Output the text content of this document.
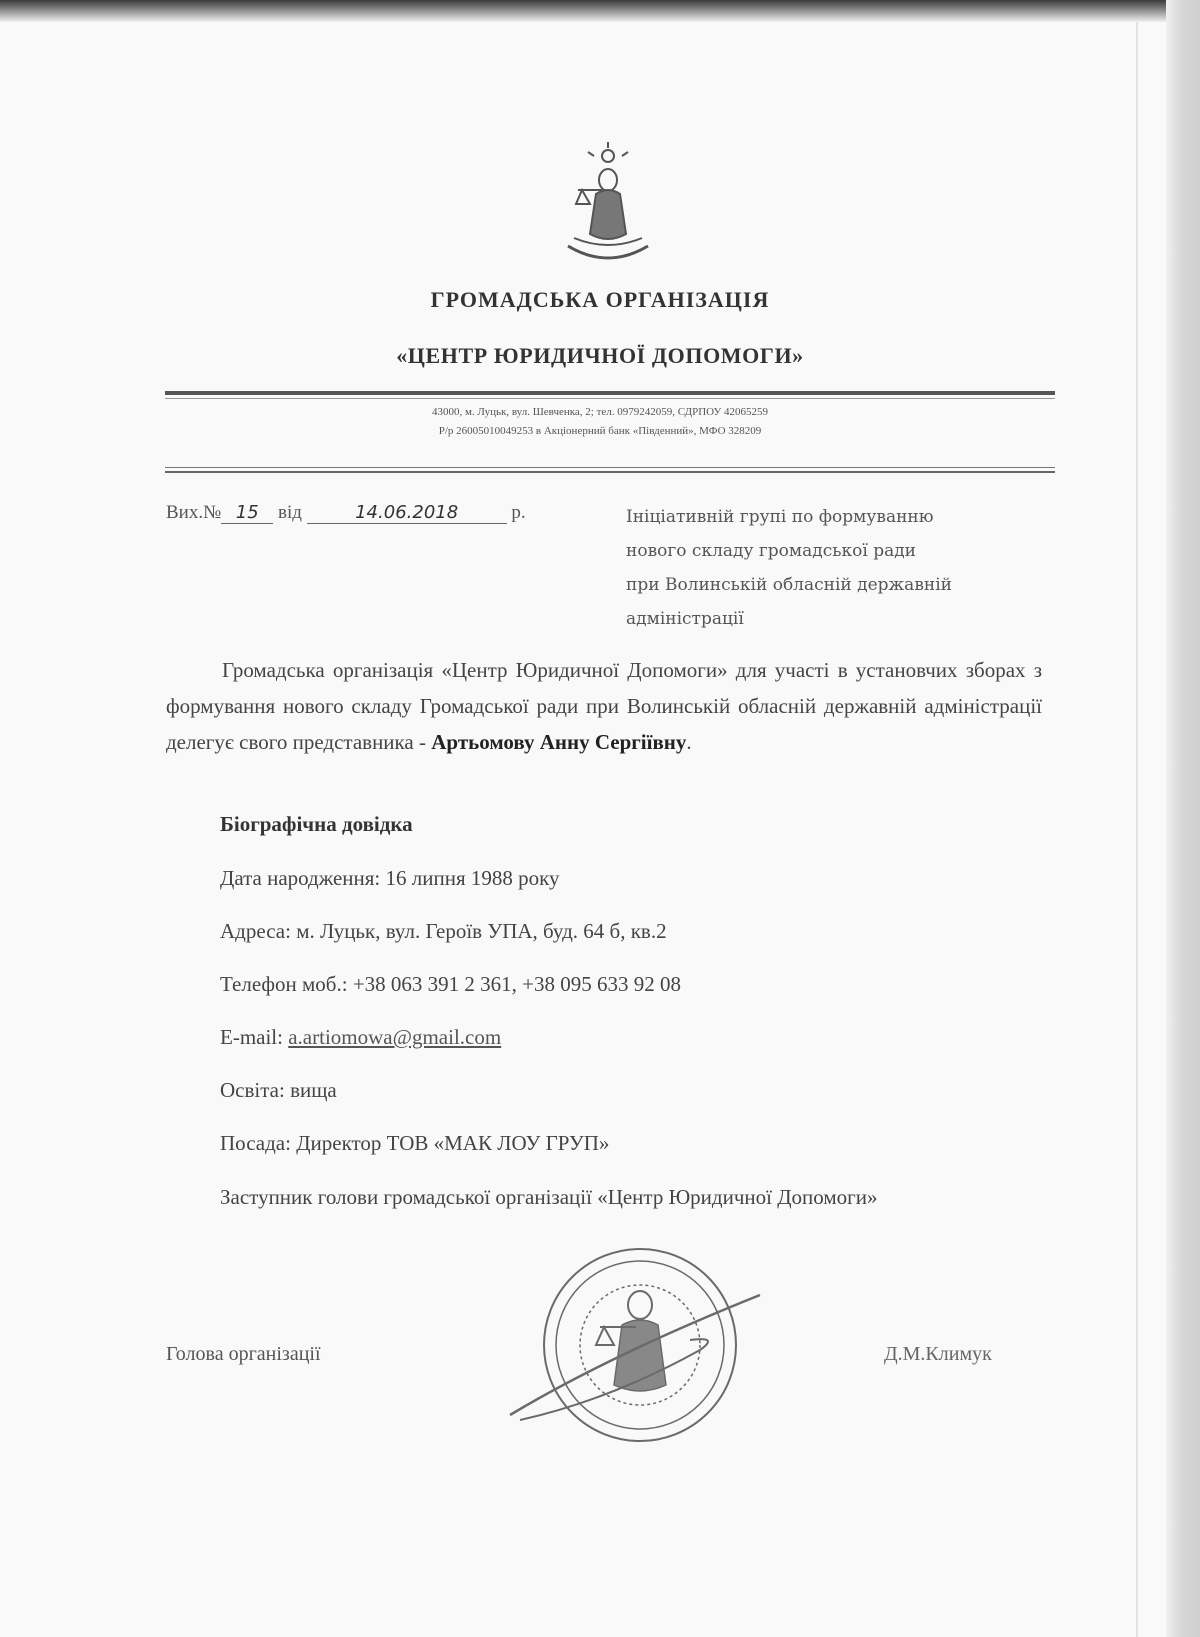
ГРОМАДСЬКА ОРГАНІЗАЦІЯ
«ЦЕНТР ЮРИДИЧНОЇ ДОПОМОГИ»
43000, м. Луцьк, вул. Шевченка, 2; тел. 0979242059, СДРПОУ 42065259
Р/р 26005010049253 в Акціонерний банк «Південний», МФО 328209
Вих.№ 15 від	14.06.2018	р.	Ініціативній групі по формуванню
нового складу громадської ради
при Волинській обласній державній
адміністрації
Громадська організація «Центр Юридичної Допомоги» для участі в установчих зборах з формування нового складу Громадської ради при Волинській обласній державній адміністрації делегує свого представника - Артьомову Анну Сергіївну.
Біографічна довідка
Дата народження: 16 липня 1988 року
Адреса: м. Луцьк, вул. Героїв УПА, буд. 64 б, кв.2
Телефон моб.: +38 063 391 2 361, +38 095 633 92 08
E-mail: a.artiomowa@gmail.com
Освіта: вища
Посада: Директор ТОВ «МАК ЛОУ ГРУП»
Заступник голови громадської організації «Центр Юридичної Допомоги»
Голова організації	Д.М.Климук
